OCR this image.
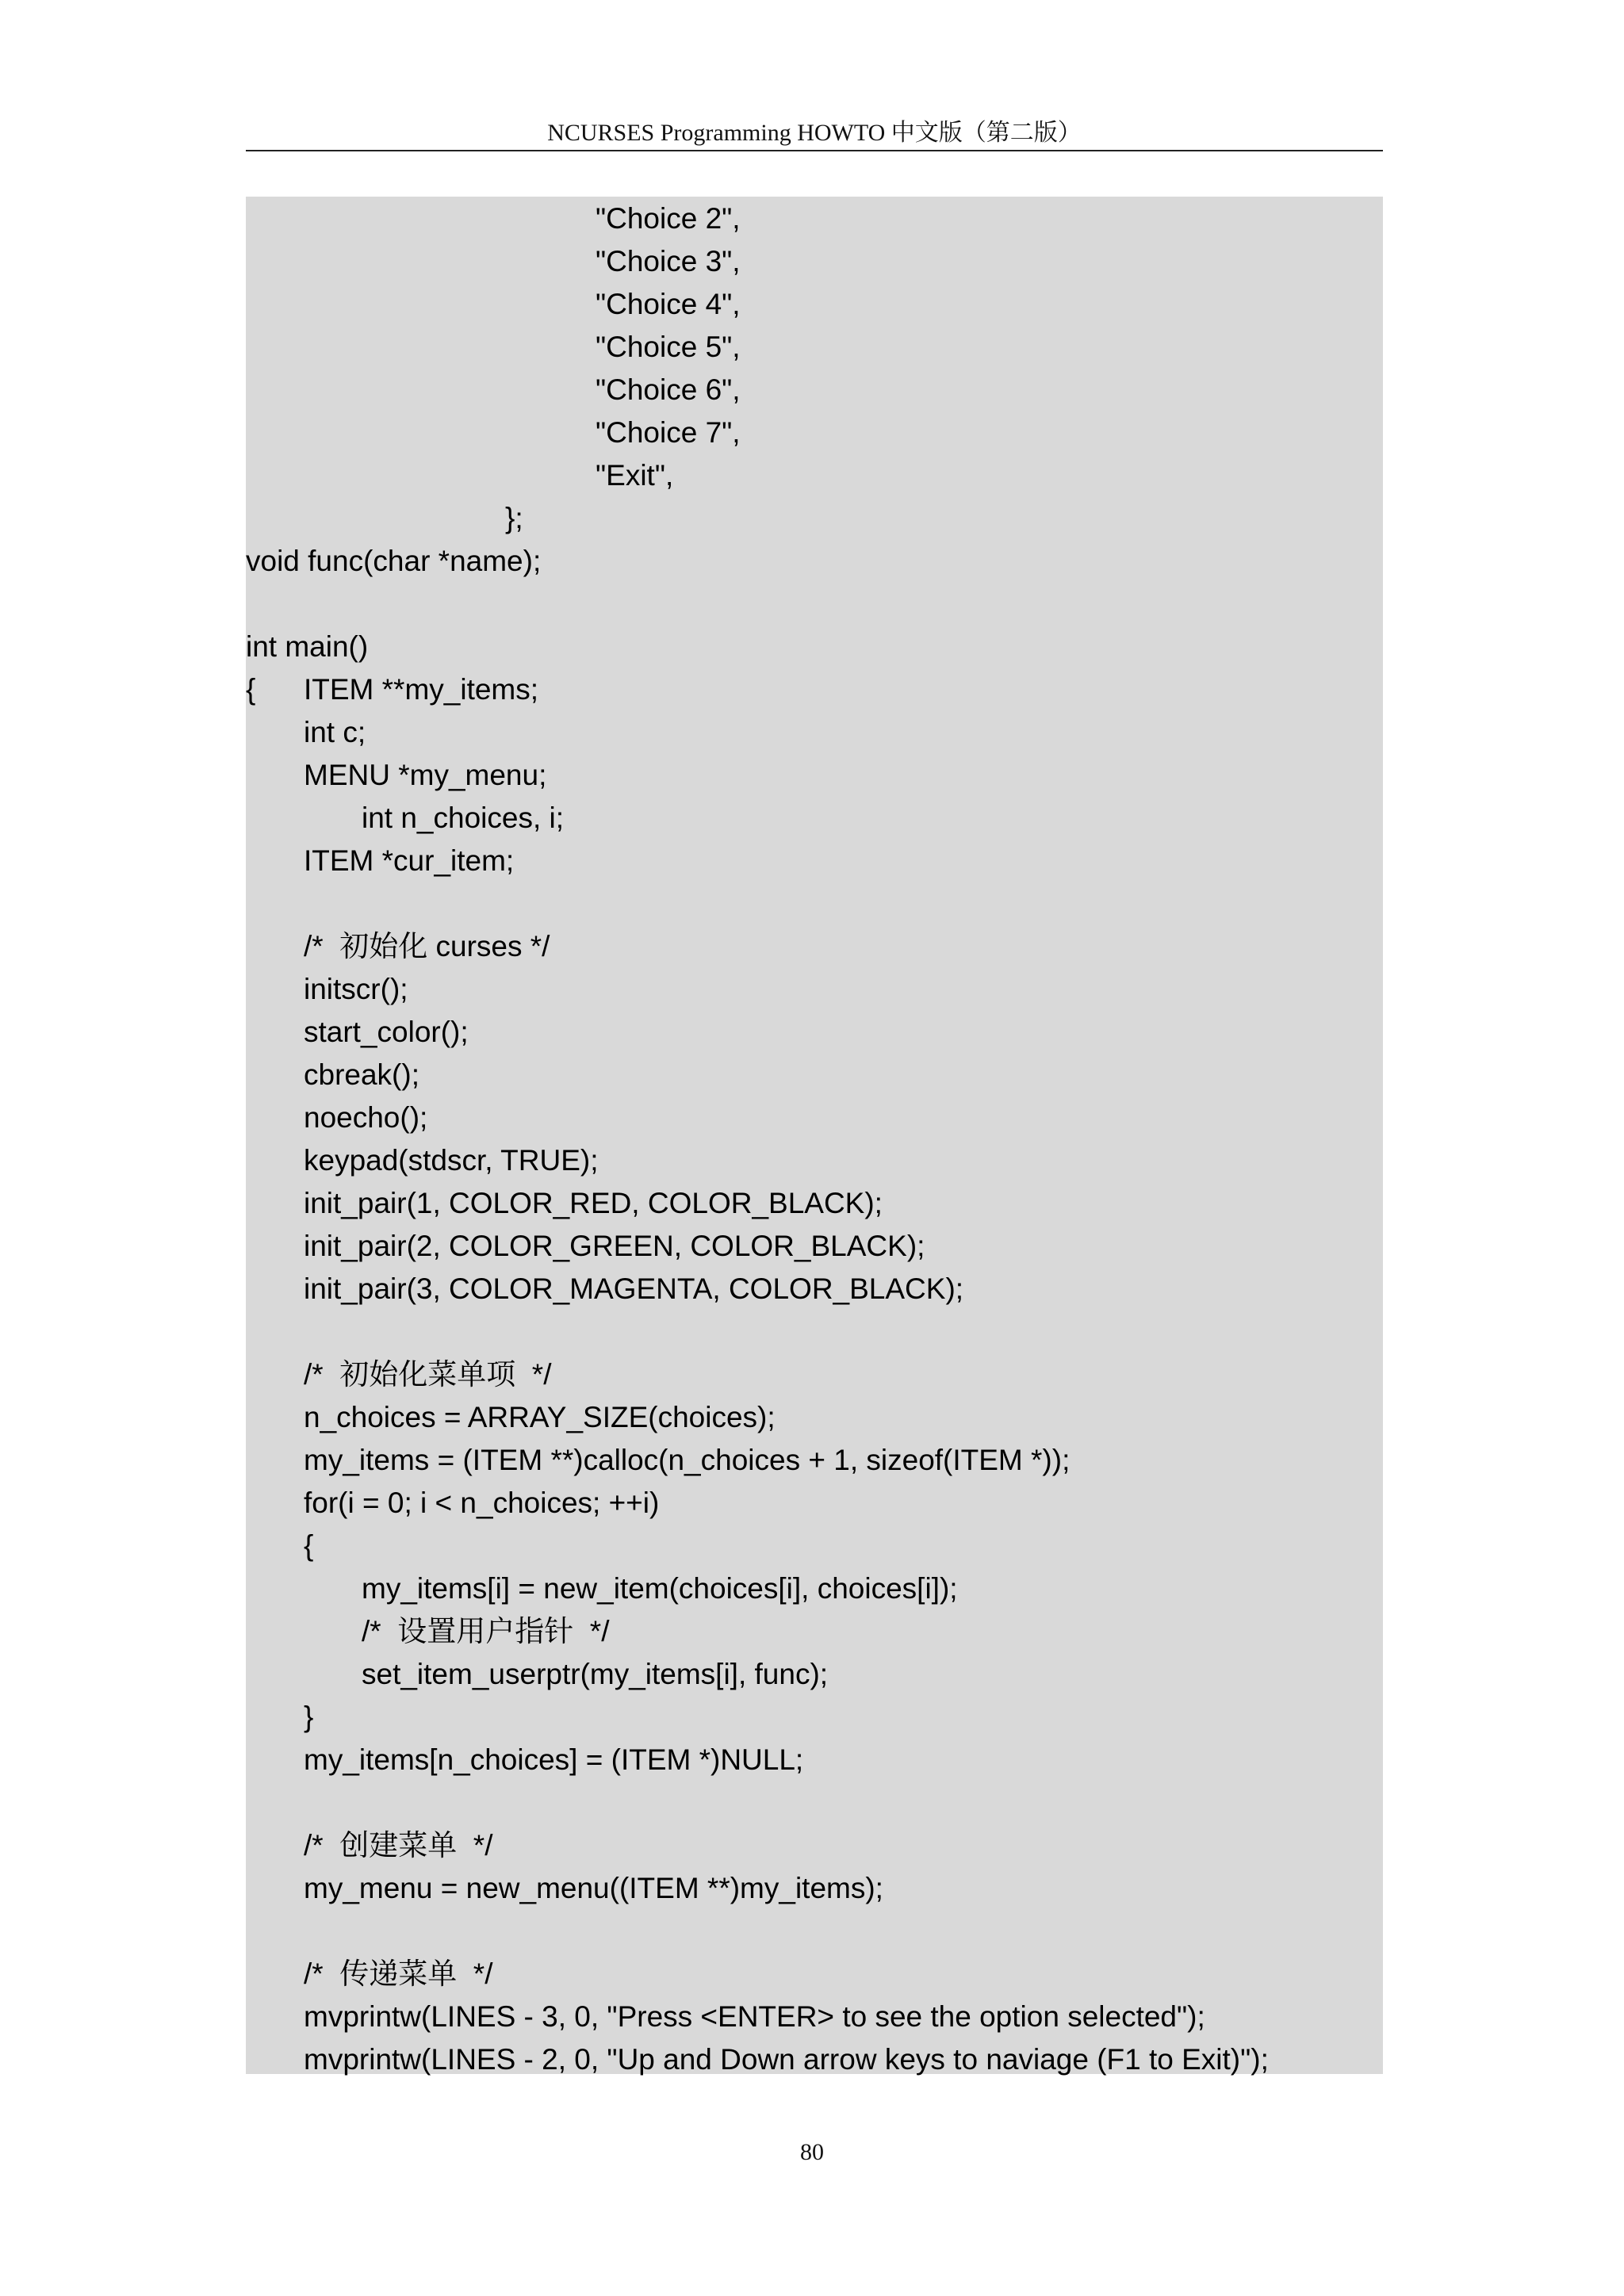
NCURSES Programming HOWTO 中文版（第二版）
"Choice 2",
"Choice 3",
"Choice 4",
"Choice 5",
"Choice 6",
"Choice 7",
"Exit",
};
void func(char *name);
int main()
{ ITEM **my_items;
int c;
MENU *my_menu;
int n_choices, i;
ITEM *cur_item;
/*  初始化 curses */
initscr();
start_color();
cbreak();
noecho();
keypad(stdscr, TRUE);
init_pair(1, COLOR_RED, COLOR_BLACK);
init_pair(2, COLOR_GREEN, COLOR_BLACK);
init_pair(3, COLOR_MAGENTA, COLOR_BLACK);
/*  初始化菜单项  */
n_choices = ARRAY_SIZE(choices);
my_items = (ITEM **)calloc(n_choices + 1, sizeof(ITEM *));
for(i = 0; i < n_choices; ++i)
{
my_items[i] = new_item(choices[i], choices[i]);
/*  设置用户指针  */
set_item_userptr(my_items[i], func);
}
my_items[n_choices] = (ITEM *)NULL;
/*  创建菜单  */
my_menu = new_menu((ITEM **)my_items);
/*  传递菜单  */
mvprintw(LINES - 3, 0, "Press <ENTER> to see the option selected");
mvprintw(LINES - 2, 0, "Up and Down arrow keys to naviage (F1 to Exit)");
80
